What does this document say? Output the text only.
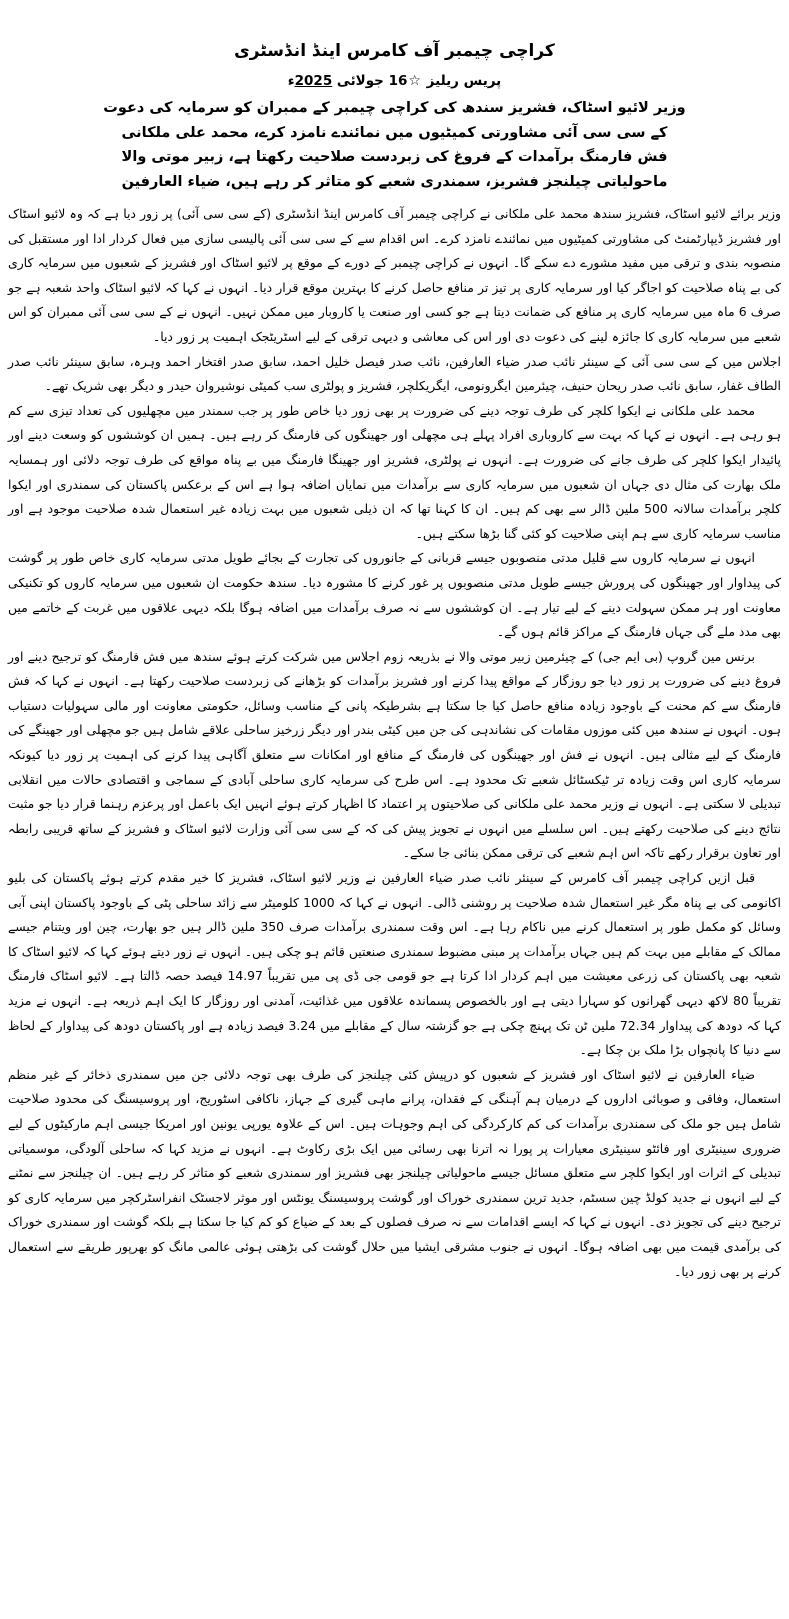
کراچی چیمبر آف کامرس اینڈ انڈسٹری
پریس ریلیز ☆16 جولائی 2025ء
وزیر لائیو اسٹاک، فشریز سندھ کی کراچی چیمبر کے ممبران کو سرمایہ کی دعوت
کے سی سی آئی مشاورتی کمیٹیوں میں نمائندے نامزد کرے، محمد علی ملکانی
فش فارمنگ برآمدات کے فروغ کی زبردست صلاحیت رکھتا ہے، زبیر موتی والا
ماحولیاتی چیلنجز فشریز، سمندری شعبے کو متاثر کر رہے ہیں، ضیاء العارفین

وزیر برائے لائیو اسٹاک، فشریز سندھ محمد علی ملکانی نے کراچی چیمبر آف کامرس اینڈ انڈسٹری (کے سی سی آئی) پر زور دیا ہے کہ وہ لائیو اسٹاک اور فشریز ڈیپارٹمنٹ کی مشاورتی کمیٹیوں میں نمائندے نامزد کرے۔ اس اقدام سے کے سی سی آئی پالیسی سازی میں فعال کردار ادا اور مستقبل کی منصوبہ بندی و ترقی میں مفید مشورے دے سکے گا۔ انہوں نے کراچی چیمبر کے دورے کے موقع پر لائیو اسٹاک اور فشریز کے شعبوں میں سرمایہ کاری کی بے پناہ صلاحیت کو اجاگر کیا اور سرمایہ کاری پر تیز تر منافع حاصل کرنے کا بہترین موقع قرار دیا۔ انہوں نے کہا کہ لائیو اسٹاک واحد شعبہ ہے جو صرف 6 ماہ میں سرمایہ کاری پر منافع کی ضمانت دیتا ہے جو کسی اور صنعت یا کاروبار میں ممکن نہیں۔ انہوں نے کے سی سی آئی ممبران کو اس شعبے میں سرمایہ کاری کا جائزہ لینے کی دعوت دی اور اس کی معاشی و دیہی ترقی کے لیے اسٹریٹجک اہمیت پر زور دیا۔

اجلاس میں کے سی سی آئی کے سینئر نائب صدر ضیاء العارفین، نائب صدر فیصل خلیل احمد، سابق صدر افتخار احمد وہرہ، سابق سینئر نائب صدر الطاف غفار، سابق نائب صدر ریحان حنیف، چیئرمین ایگرونومی، ایگریکلچر، فشریز و پولٹری سب کمیٹی نوشیروان حیدر و دیگر بھی شریک تھے۔

محمد علی ملکانی نے ایکوا کلچر کی طرف توجہ دینے کی ضرورت پر بھی زور دیا خاص طور پر جب سمندر میں مچھلیوں کی تعداد تیزی سے کم ہو رہی ہے۔ انہوں نے کہا کہ بہت سے کاروباری افراد پہلے ہی مچھلی اور جھینگوں کی فارمنگ کر رہے ہیں۔ ہمیں ان کوششوں کو وسعت دینے اور پائیدار ایکوا کلچر کی طرف جانے کی ضرورت ہے۔ انہوں نے پولٹری، فشریز اور جھینگا فارمنگ میں بے پناہ مواقع کی طرف توجہ دلائی اور ہمسایہ ملک بھارت کی مثال دی جہاں ان شعبوں میں سرمایہ کاری سے برآمدات میں نمایاں اضافہ ہوا ہے اس کے برعکس پاکستان کی سمندری اور ایکوا کلچر برآمدات سالانہ 500 ملین ڈالر سے بھی کم ہیں۔ ان کا کہنا تھا کہ ان ذیلی شعبوں میں بہت زیادہ غیر استعمال شدہ صلاحیت موجود ہے اور مناسب سرمایہ کاری سے ہم اپنی صلاحیت کو کئی گنا بڑھا سکتے ہیں۔

انہوں نے سرمایہ کاروں سے قلیل مدتی منصوبوں جیسے قربانی کے جانوروں کی تجارت کے بجائے طویل مدتی سرمایہ کاری خاص طور پر گوشت کی پیداوار اور جھینگوں کی پرورش جیسے طویل مدتی منصوبوں پر غور کرنے کا مشورہ دیا۔ سندھ حکومت ان شعبوں میں سرمایہ کاروں کو تکنیکی معاونت اور ہر ممکن سہولت دینے کے لیے تیار ہے۔ ان کوششوں سے نہ صرف برآمدات میں اضافہ ہوگا بلکہ دیہی علاقوں میں غربت کے خاتمے میں بھی مدد ملے گی جہاں فارمنگ کے مراکز قائم ہوں گے۔

برنس مین گروپ (بی ایم جی) کے چیئرمین زبیر موتی والا نے بذریعہ زوم اجلاس میں شرکت کرتے ہوئے سندھ میں فش فارمنگ کو ترجیح دینے اور فروغ دینے کی ضرورت پر زور دیا جو روزگار کے مواقع پیدا کرنے اور فشریز برآمدات کو بڑھانے کی زبردست صلاحیت رکھتا ہے۔ انہوں نے کہا کہ فش فارمنگ سے کم محنت کے باوجود زیادہ منافع حاصل کیا جا سکتا ہے بشرطیکہ پانی کے مناسب وسائل، حکومتی معاونت اور مالی سہولیات دستیاب ہوں۔ انہوں نے سندھ میں کئی موزوں مقامات کی نشاندہی کی جن میں کیٹی بندر اور دیگر زرخیز ساحلی علاقے شامل ہیں جو مچھلی اور جھینگے کی فارمنگ کے لیے مثالی ہیں۔ انہوں نے فش اور جھینگوں کی فارمنگ کے منافع اور امکانات سے متعلق آگاہی پیدا کرنے کی اہمیت پر زور دیا کیونکہ سرمایہ کاری اس وقت زیادہ تر ٹیکسٹائل شعبے تک محدود ہے۔ اس طرح کی سرمایہ کاری ساحلی آبادی کے سماجی و اقتصادی حالات میں انقلابی تبدیلی لا سکتی ہے۔ انہوں نے وزیر محمد علی ملکانی کی صلاحیتوں پر اعتماد کا اظہار کرتے ہوئے انہیں ایک باعمل اور پرعزم رہنما قرار دیا جو مثبت نتائج دینے کی صلاحیت رکھتے ہیں۔ اس سلسلے میں انہوں نے تجویز پیش کی کہ کے سی سی آئی وزارت لائیو اسٹاک و فشریز کے ساتھ قریبی رابطہ اور تعاون برقرار رکھے تاکہ اس اہم شعبے کی ترقی ممکن بنائی جا سکے۔

قبل ازیں کراچی چیمبر آف کامرس کے سینئر نائب صدر ضیاء العارفین نے وزیر لائیو اسٹاک، فشریز کا خیر مقدم کرتے ہوئے پاکستان کی بلیو اکانومی کی بے پناہ مگر غیر استعمال شدہ صلاحیت پر روشنی ڈالی۔ انہوں نے کہا کہ 1000 کلومیٹر سے زائد ساحلی پٹی کے باوجود پاکستان اپنی آبی وسائل کو مکمل طور پر استعمال کرنے میں ناکام رہا ہے۔ اس وقت سمندری برآمدات صرف 350 ملین ڈالر ہیں جو بھارت، چین اور ویتنام جیسے ممالک کے مقابلے میں بہت کم ہیں جہاں برآمدات پر مبنی مضبوط سمندری صنعتیں قائم ہو چکی ہیں۔ انہوں نے زور دیتے ہوئے کہا کہ لائیو اسٹاک کا شعبہ بھی پاکستان کی زرعی معیشت میں اہم کردار ادا کرتا ہے جو قومی جی ڈی پی میں تقریباً 14.97 فیصد حصہ ڈالتا ہے۔ لائیو اسٹاک فارمنگ تقریباً 80 لاکھ دیہی گھرانوں کو سہارا دیتی ہے اور بالخصوص پسماندہ علاقوں میں غذائیت، آمدنی اور روزگار کا ایک اہم ذریعہ ہے۔ انہوں نے مزید کہا کہ دودھ کی پیداوار 72.34 ملین ٹن تک پہنچ چکی ہے جو گزشتہ سال کے مقابلے میں 3.24 فیصد زیادہ ہے اور پاکستان دودھ کی پیداوار کے لحاظ سے دنیا کا پانچواں بڑا ملک بن چکا ہے۔

ضیاء العارفین نے لائیو اسٹاک اور فشریز کے شعبوں کو درپیش کئی چیلنجز کی طرف بھی توجہ دلائی جن میں سمندری ذخائر کے غیر منظم استعمال، وفاقی و صوبائی اداروں کے درمیان ہم آہنگی کے فقدان، پرانے ماہی گیری کے جہاز، ناکافی اسٹوریج، اور پروسیسنگ کی محدود صلاحیت شامل ہیں جو ملک کی سمندری برآمدات کی کم کارکردگی کی اہم وجوہات ہیں۔ اس کے علاوہ یورپی یونین اور امریکا جیسی اہم مارکیٹوں کے لیے ضروری سینیٹری اور فائٹو سینیٹری معیارات پر پورا نہ اترنا بھی رسائی میں ایک بڑی رکاوٹ ہے۔ انہوں نے مزید کہا کہ ساحلی آلودگی، موسمیاتی تبدیلی کے اثرات اور ایکوا کلچر سے متعلق مسائل جیسے ماحولیاتی چیلنجز بھی فشریز اور سمندری شعبے کو متاثر کر رہے ہیں۔ ان چیلنجز سے نمٹنے کے لیے انہوں نے جدید کولڈ چین سسٹم، جدید ترین سمندری خوراک اور گوشت پروسیسنگ یونٹس اور موثر لاجسٹک انفراسٹرکچر میں سرمایہ کاری کو ترجیح دینے کی تجویز دی۔ انہوں نے کہا کہ ایسے اقدامات سے نہ صرف فصلوں کے بعد کے ضیاع کو کم کیا جا سکتا ہے بلکہ گوشت اور سمندری خوراک کی برآمدی قیمت میں بھی اضافہ ہوگا۔ انہوں نے جنوب مشرقی ایشیا میں حلال گوشت کی بڑھتی ہوئی عالمی مانگ کو بھرپور طریقے سے استعمال کرنے پر بھی زور دیا۔
